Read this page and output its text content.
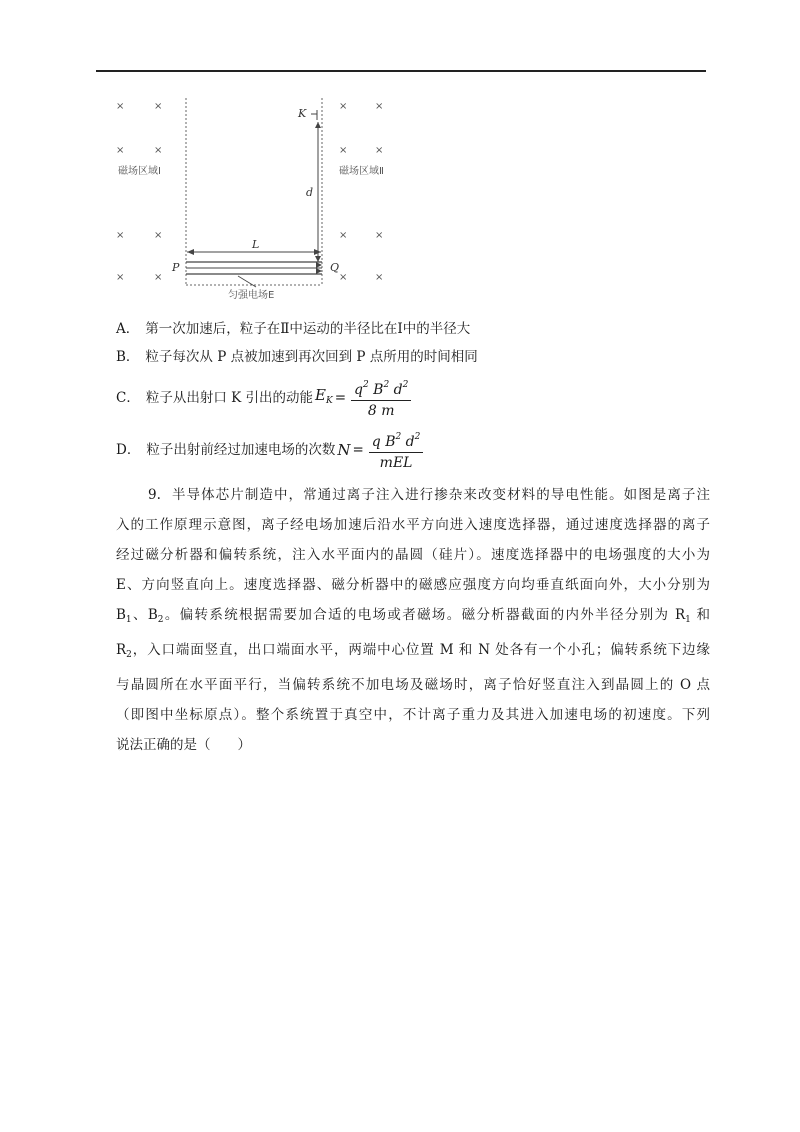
×	×
×	×
×	×
×	×
×	×
×	×
×	×
×	×
磁场区域Ⅰ	磁场区域Ⅱ
K
d
L
P	Q
匀强电场E
A． 第一次加速后，粒子在Ⅱ中运动的半径比在Ⅰ中的半径大
B． 粒子每次从 P 点被加速到再次回到 P 点所用的时间相同
C． 粒子从出射口 K 引出的动能 $E_K = \frac{q^2 B^2 d^2}{8 m}$
D． 粒子出射前经过加速电场的次数 $N = \frac{q B^2 d^2}{\text{mEL}}$
9. 半导体芯片制造中，常通过离子注入进行掺杂来改变材料的导电性能。如图是离子注
入的工作原理示意图，离子经电场加速后沿水平方向进入速度选择器，通过速度选择器的离子
经过磁分析器和偏转系统，注入水平面内的晶圆（硅片）。速度选择器中的电场强度的大小为
E、方向竖直向上。速度选择器、磁分析器中的磁感应强度方向均垂直纸面向外，大小分别为
$B_1$、$B_2$。偏转系统根据需要加合适的电场或者磁场。磁分析器截面的内外半径分别为 $R_1$ 和
$R_2$，入口端面竖直，出口端面水平，两端中心位置 M 和 N 处各有一个小孔；偏转系统下边缘
与晶圆所在水平面平行，当偏转系统不加电场及磁场时，离子恰好竖直注入到晶圆上的 O 点
（即图中坐标原点）。整个系统置于真空中，不计离子重力及其进入加速电场的初速度。下列
说法正确的是（　　）
